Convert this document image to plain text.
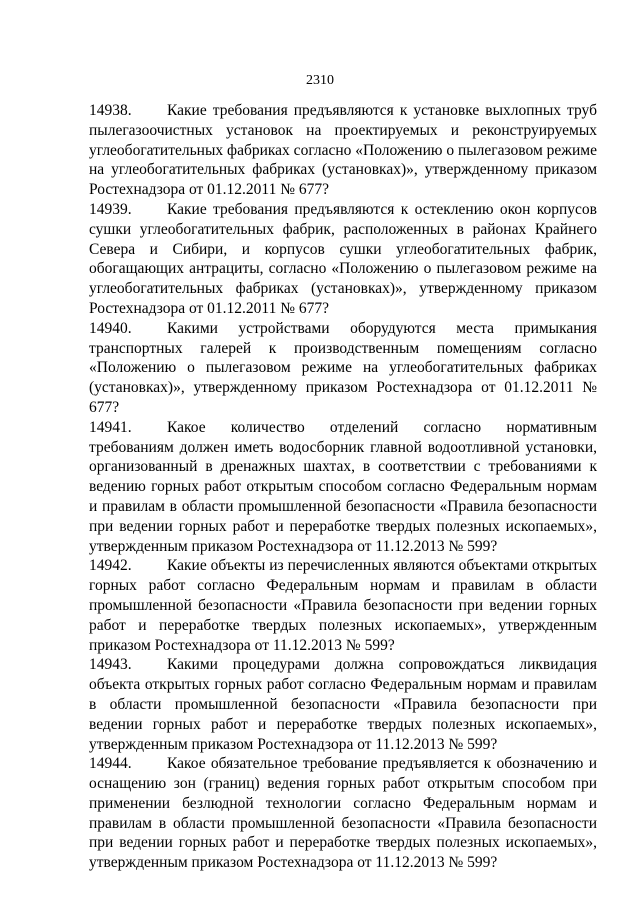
2310

14938. Какие требования предъявляются к установке выхлопных труб пылегазоочистных установок на проектируемых и реконструируемых углеобогатительных фабриках согласно «Положению о пылегазовом режиме на углеобогатительных фабриках (установках)», утвержденному приказом Ростехнадзора от 01.12.2011 № 677?

14939. Какие требования предъявляются к остеклению окон корпусов сушки углеобогатительных фабрик, расположенных в районах Крайнего Севера и Сибири, и корпусов сушки углеобогатительных фабрик, обогащающих антрациты, согласно «Положению о пылегазовом режиме на углеобогатительных фабриках (установках)», утвержденному приказом Ростехнадзора от 01.12.2011 № 677?

14940. Какими устройствами оборудуются места примыкания транспортных галерей к производственным помещениям согласно «Положению о пылегазовом режиме на углеобогатительных фабриках (установках)», утвержденному приказом Ростехнадзора от 01.12.2011 № 677?

14941. Какое количество отделений согласно нормативным требованиям должен иметь водосборник главной водоотливной установки, организованный в дренажных шахтах, в соответствии с требованиями к ведению горных работ открытым способом согласно Федеральным нормам и правилам в области промышленной безопасности «Правила безопасности при ведении горных работ и переработке твердых полезных ископаемых», утвержденным приказом Ростехнадзора от 11.12.2013 № 599?

14942. Какие объекты из перечисленных являются объектами открытых горных работ согласно Федеральным нормам и правилам в области промышленной безопасности «Правила безопасности при ведении горных работ и переработке твердых полезных ископаемых», утвержденным приказом Ростехнадзора от 11.12.2013 № 599?

14943. Какими процедурами должна сопровождаться ликвидация объекта открытых горных работ согласно Федеральным нормам и правилам в области промышленной безопасности «Правила безопасности при ведении горных работ и переработке твердых полезных ископаемых», утвержденным приказом Ростехнадзора от 11.12.2013 № 599?

14944. Какое обязательное требование предъявляется к обозначению и оснащению зон (границ) ведения горных работ открытым способом при применении безлюдной технологии согласно Федеральным нормам и правилам в области промышленной безопасности «Правила безопасности при ведении горных работ и переработке твердых полезных ископаемых», утвержденным приказом Ростехнадзора от 11.12.2013 № 599?
